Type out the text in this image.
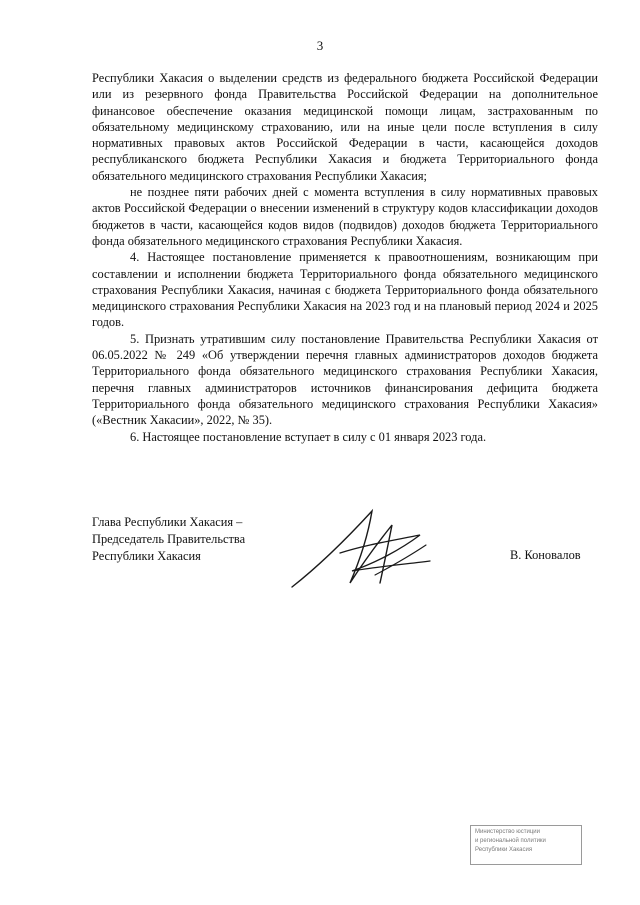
3

Республики Хакасия о выделении средств из федерального бюджета Российской Федерации или из резервного фонда Правительства Российской Федерации на дополнительное финансовое обеспечение оказания медицинской помощи лицам, застрахованным по обязательному медицинскому страхованию, или на иные цели после вступления в силу нормативных правовых актов Российской Федерации в части, касающейся доходов республиканского бюджета Республики Хакасия и бюджета Территориального фонда обязательного медицинского страхования Республики Хакасия;

не позднее пяти рабочих дней с момента вступления в силу нормативных правовых актов Российской Федерации о внесении изменений в структуру кодов классификации доходов бюджетов в части, касающейся кодов видов (подвидов) доходов бюджета Территориального фонда обязательного медицинского страхования Республики Хакасия.

4. Настоящее постановление применяется к правоотношениям, возникающим при составлении и исполнении бюджета Территориального фонда обязательного медицинского страхования Республики Хакасия, начиная с бюджета Территориального фонда обязательного медицинского страхования Республики Хакасия на 2023 год и на плановый период 2024 и 2025 годов.

5. Признать утратившим силу постановление Правительства Республики Хакасия от 06.05.2022 № 249 «Об утверждении перечня главных администраторов доходов бюджета Территориального фонда обязательного медицинского страхования Республики Хакасия, перечня главных администраторов источников финансирования дефицита бюджета Территориального фонда обязательного медицинского страхования Республики Хакасия» («Вестник Хакасии», 2022, № 35).

6. Настоящее постановление вступает в силу с 01 января 2023 года.

Глава Республики Хакасия –
Председатель Правительства
Республики Хакасия	В. Коновалов
Министерство юстиции
и региональной политики
Республики Хакасия
